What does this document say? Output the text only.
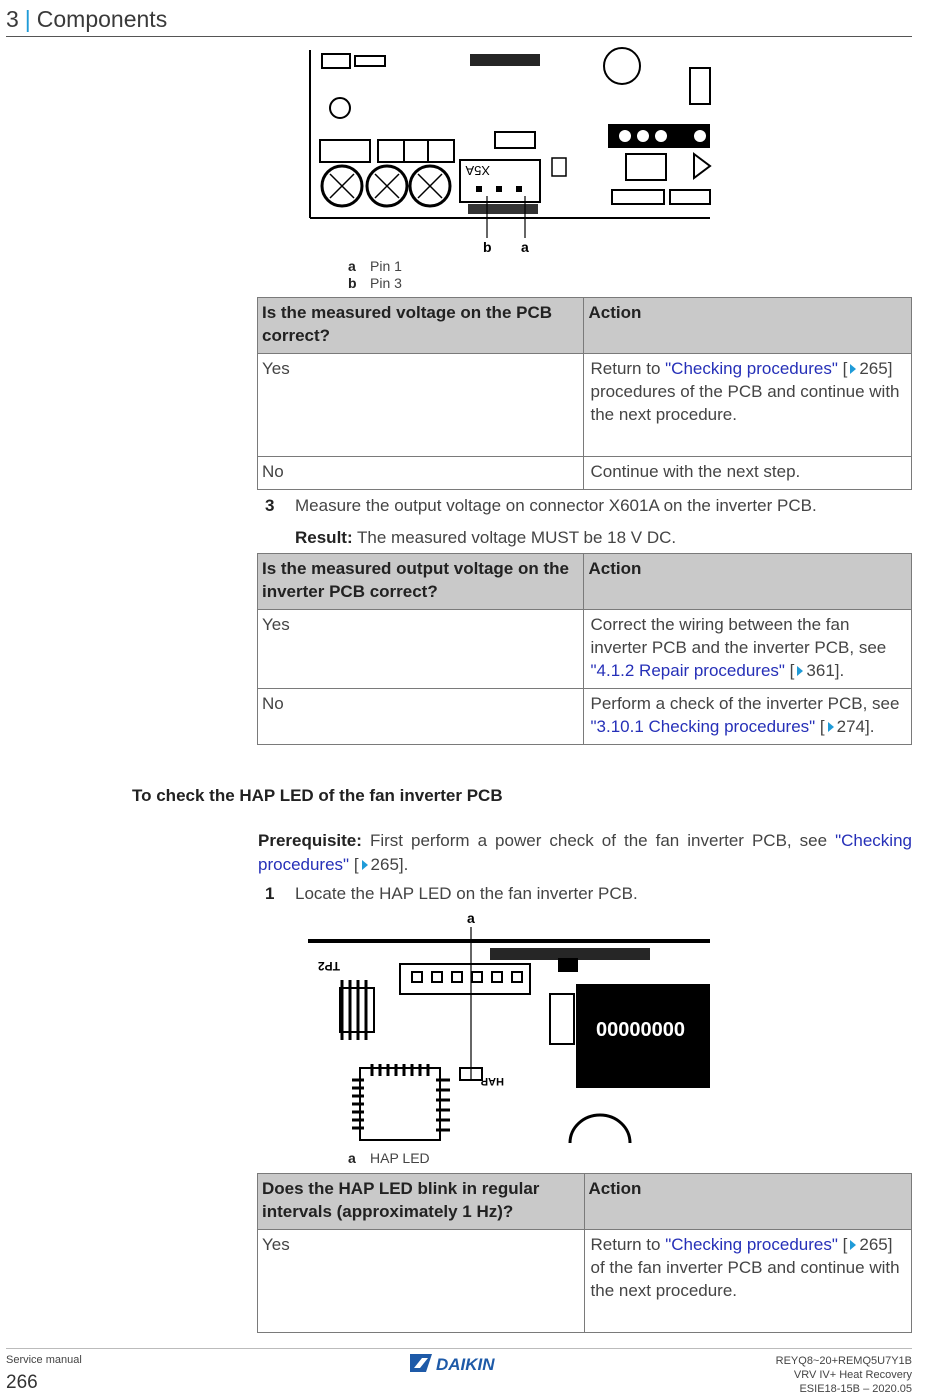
3 | Components
X5A
b a
a Pin 1
b Pin 3
Is the measured voltage on the PCB correct?	Action
Yes	Return to "Checking procedures" [ 265] procedures of the PCB and continue with the next procedure.
No	Continue with the next step.
3 Measure the output voltage on connector X601A on the inverter PCB.
Result: The measured voltage MUST be 18 V DC.
Is the measured output voltage on the inverter PCB correct?	Action
Yes	Correct the wiring between the fan inverter PCB and the inverter PCB, see "4.1.2 Repair procedures" [ 361].
No	Perform a check of the inverter PCB, see "3.10.1 Checking procedures" [ 274].
To check the HAP LED of the fan inverter PCB
Prerequisite: First perform a power check of the fan inverter PCB, see "Checking procedures" [ 265].
1 Locate the HAP LED on the fan inverter PCB.
a
TP2
00000000
HAP
a HAP LED
Does the HAP LED blink in regular intervals (approximately 1 Hz)?	Action
Yes	Return to "Checking procedures" [ 265] of the fan inverter PCB and continue with the next procedure.
Service manual
266
DAIKIN	REYQ8~20+REMQ5U7Y1B
VRV IV+ Heat Recovery
ESIE18-15B – 2020.05
